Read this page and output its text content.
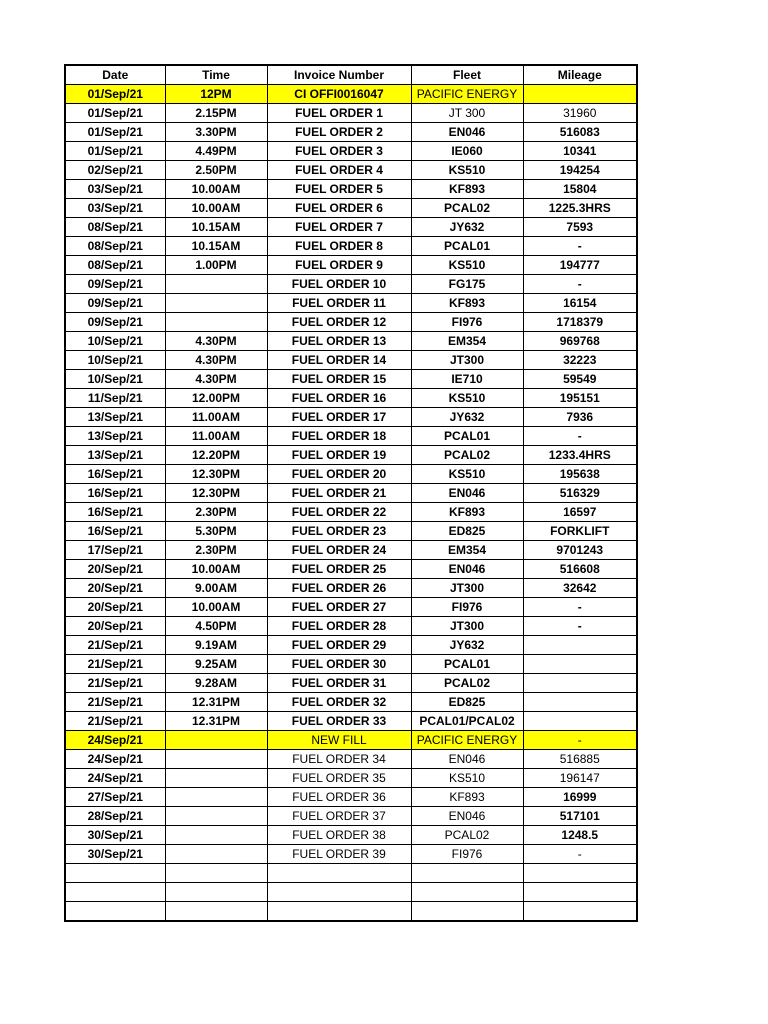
Date	Time	Invoice Number	Fleet	Mileage
01/Sep/21	12PM	CI OFFI0016047	PACIFIC ENERGY	
01/Sep/21	2.15PM	FUEL ORDER 1	JT 300	31960
01/Sep/21	3.30PM	FUEL ORDER 2	EN046	516083
01/Sep/21	4.49PM	FUEL ORDER 3	IE060	10341
02/Sep/21	2.50PM	FUEL ORDER 4	KS510	194254
03/Sep/21	10.00AM	FUEL ORDER 5	KF893	15804
03/Sep/21	10.00AM	FUEL ORDER 6	PCAL02	1225.3HRS
08/Sep/21	10.15AM	FUEL ORDER 7	JY632	7593
08/Sep/21	10.15AM	FUEL ORDER 8	PCAL01	-
08/Sep/21	1.00PM	FUEL ORDER 9	KS510	194777
09/Sep/21		FUEL ORDER 10	FG175	-
09/Sep/21		FUEL ORDER 11	KF893	16154
09/Sep/21		FUEL ORDER 12	FI976	1718379
10/Sep/21	4.30PM	FUEL ORDER 13	EM354	969768
10/Sep/21	4.30PM	FUEL ORDER 14	JT300	32223
10/Sep/21	4.30PM	FUEL ORDER 15	IE710	59549
11/Sep/21	12.00PM	FUEL ORDER 16	KS510	195151
13/Sep/21	11.00AM	FUEL ORDER 17	JY632	7936
13/Sep/21	11.00AM	FUEL ORDER 18	PCAL01	-
13/Sep/21	12.20PM	FUEL ORDER 19	PCAL02	1233.4HRS
16/Sep/21	12.30PM	FUEL ORDER 20	KS510	195638
16/Sep/21	12.30PM	FUEL ORDER 21	EN046	516329
16/Sep/21	2.30PM	FUEL ORDER 22	KF893	16597
16/Sep/21	5.30PM	FUEL ORDER 23	ED825	FORKLIFT
17/Sep/21	2.30PM	FUEL ORDER 24	EM354	9701243
20/Sep/21	10.00AM	FUEL ORDER 25	EN046	516608
20/Sep/21	9.00AM	FUEL ORDER 26	JT300	32642
20/Sep/21	10.00AM	FUEL ORDER 27	FI976	-
20/Sep/21	4.50PM	FUEL ORDER 28	JT300	-
21/Sep/21	9.19AM	FUEL ORDER 29	JY632	
21/Sep/21	9.25AM	FUEL ORDER 30	PCAL01	
21/Sep/21	9.28AM	FUEL ORDER 31	PCAL02	
21/Sep/21	12.31PM	FUEL ORDER 32	ED825	
21/Sep/21	12.31PM	FUEL ORDER 33	PCAL01/PCAL02	
24/Sep/21		NEW FILL	PACIFIC ENERGY	-
24/Sep/21		FUEL ORDER 34	EN046	516885
24/Sep/21		FUEL ORDER 35	KS510	196147
27/Sep/21		FUEL ORDER 36	KF893	16999
28/Sep/21		FUEL ORDER 37	EN046	517101
30/Sep/21		FUEL ORDER 38	PCAL02	1248.5
30/Sep/21		FUEL ORDER 39	FI976	-
